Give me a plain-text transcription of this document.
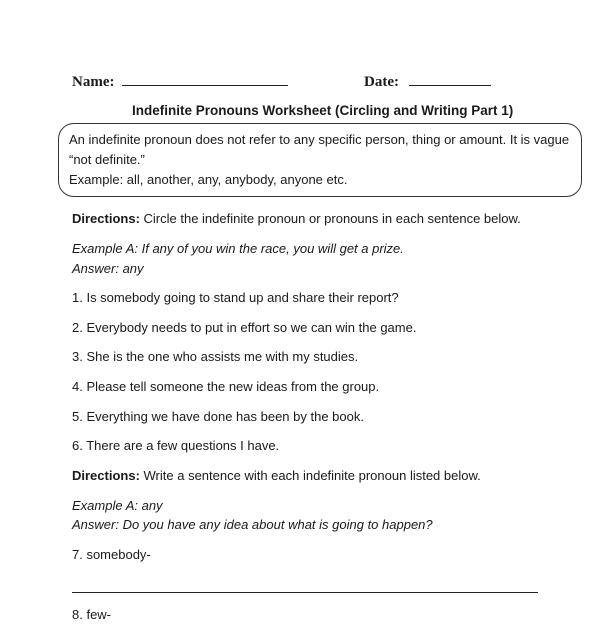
Name:	Date:
Indefinite Pronouns Worksheet (Circling and Writing Part 1)
An indefinite pronoun does not refer to any specific person, thing or amount. It is vague
“not definite.”
Example: all, another, any, anybody, anyone etc.
Directions: Circle the indefinite pronoun or pronouns in each sentence below.
Example A: If any of you win the race, you will get a prize.
Answer: any
1. Is somebody going to stand up and share their report?
2. Everybody needs to put in effort so we can win the game.
3. She is the one who assists me with my studies.
4. Please tell someone the new ideas from the group.
5. Everything we have done has been by the book.
6. There are a few questions I have.
Directions: Write a sentence with each indefinite pronoun listed below.
Example A: any
Answer: Do you have any idea about what is going to happen?
7. somebody-
8. few-
